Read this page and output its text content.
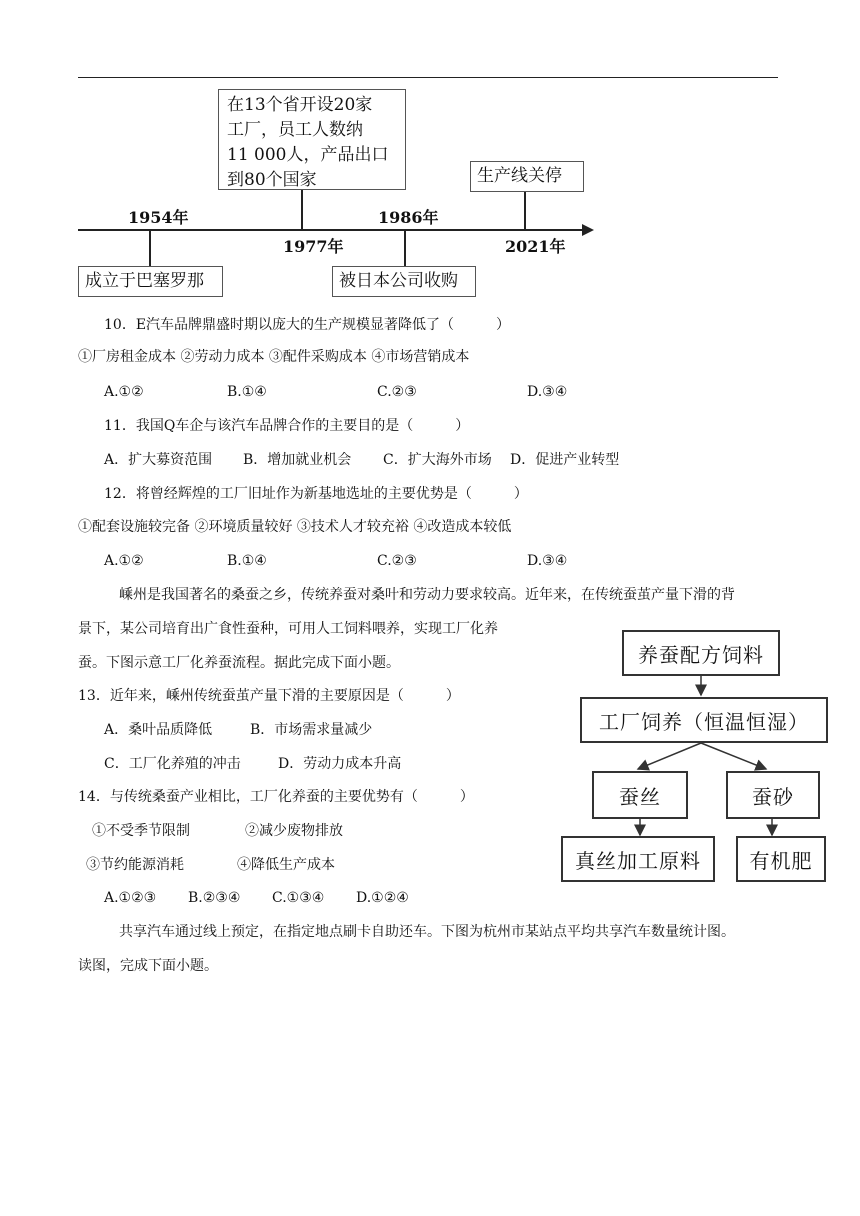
在13个省开设20家
工厂，员工人数纳
11 000人，产品出口
到80个国家	生产线关停
成立于巴塞罗那	被日本公司收购
1954年
1977年
1986年
2021年
10．E汽车品牌鼎盛时期以庞大的生产规模显著降低了（　　　）
①厂房租金成本 ②劳动力成本 ③配件采购成本 ④市场营销成本
A.①②	B.①④	C.②③	D.③④
11．我国Q车企与该汽车品牌合作的主要目的是（　　　）
A．扩大募资范围 B．增加就业机会 C．扩大海外市场 D．促进产业转型
12．将曾经辉煌的工厂旧址作为新基地选址的主要优势是（　　　）
①配套设施较完备 ②环境质量较好 ③技术人才较充裕 ④改造成本较低
A.①②	B.①④	C.②③	D.③④
嵊州是我国著名的桑蚕之乡，传统养蚕对桑叶和劳动力要求较高。近年来，在传统蚕茧产量下滑的背
景下，某公司培育出广食性蚕种，可用人工饲料喂养，实现工厂化养
蚕。下图示意工厂化养蚕流程。据此完成下面小题。
13．近年来，嵊州传统蚕茧产量下滑的主要原因是（　　　）
A．桑叶品质降低	B．市场需求量减少
C．工厂化养殖的冲击	D．劳动力成本升高
14．与传统桑蚕产业相比，工厂化养蚕的主要优势有（　　　）
①不受季节限制	②减少废物排放
③节约能源消耗	④降低生产成本
A.①②③ B.②③④ C.①③④ D.①②④
共享汽车通过线上预定，在指定地点刷卡自助还车。下图为杭州市某站点平均共享汽车数量统计图。
读图，完成下面小题。
养蚕配方饲料
工厂饲养（恒温恒湿）
蚕丝	蚕砂
真丝加工原料	有机肥
